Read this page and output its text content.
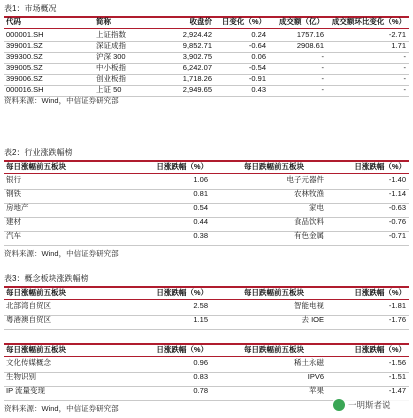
表1：市场概况
代码	简称	收盘价	日变化（%）	成交额（亿）	成交额环比变化（%）
000001.SH	上证指数	2,924.42	0.24	1757.16	-2.71
399001.SZ	深证成指	9,852.71	-0.64	2908.61	1.71
399300.SZ	沪深 300	3,902.75	0.06	-	-
399005.SZ	中小板指	6,242.07	-0.54	-	-
399006.SZ	创业板指	1,718.26	-0.91	-	-
000016.SH	上证 50	2,949.65	0.43	-	-
资料来源：Wind，中信证券研究部
表2：行业涨跌幅榜
每日涨幅前五板块	日涨跌幅（%）	每日跌幅前五板块	日涨跌幅（%）
银行	1.06	电子元器件	-1.40
钢铁	0.81	农林牧渔	-1.14
房地产	0.54	家电	-0.63
建材	0.44	食品饮料	-0.76
汽车	0.38	有色金属	-0.71
资料来源：Wind，中信证券研究部
表3：概念板块涨跌幅榜
每日涨幅前五板块	日涨跌幅（%）	每日跌幅前五板块	日涨跌幅（%）
北部湾自贸区	2.58	智能电视	-1.81
粤港澳自贸区	1.15	去 IOE	-1.76
每日涨幅前五板块	日涨跌幅（%）	每日跌幅前五板块	日涨跌幅（%）
文化传媒概念	0.96	稀土永磁	-1.56
生物识别	0.83	IPV6	-1.51
IP 流量变现	0.78	苹果	-1.47
资料来源：Wind，中信证券研究部	一明斯者说
